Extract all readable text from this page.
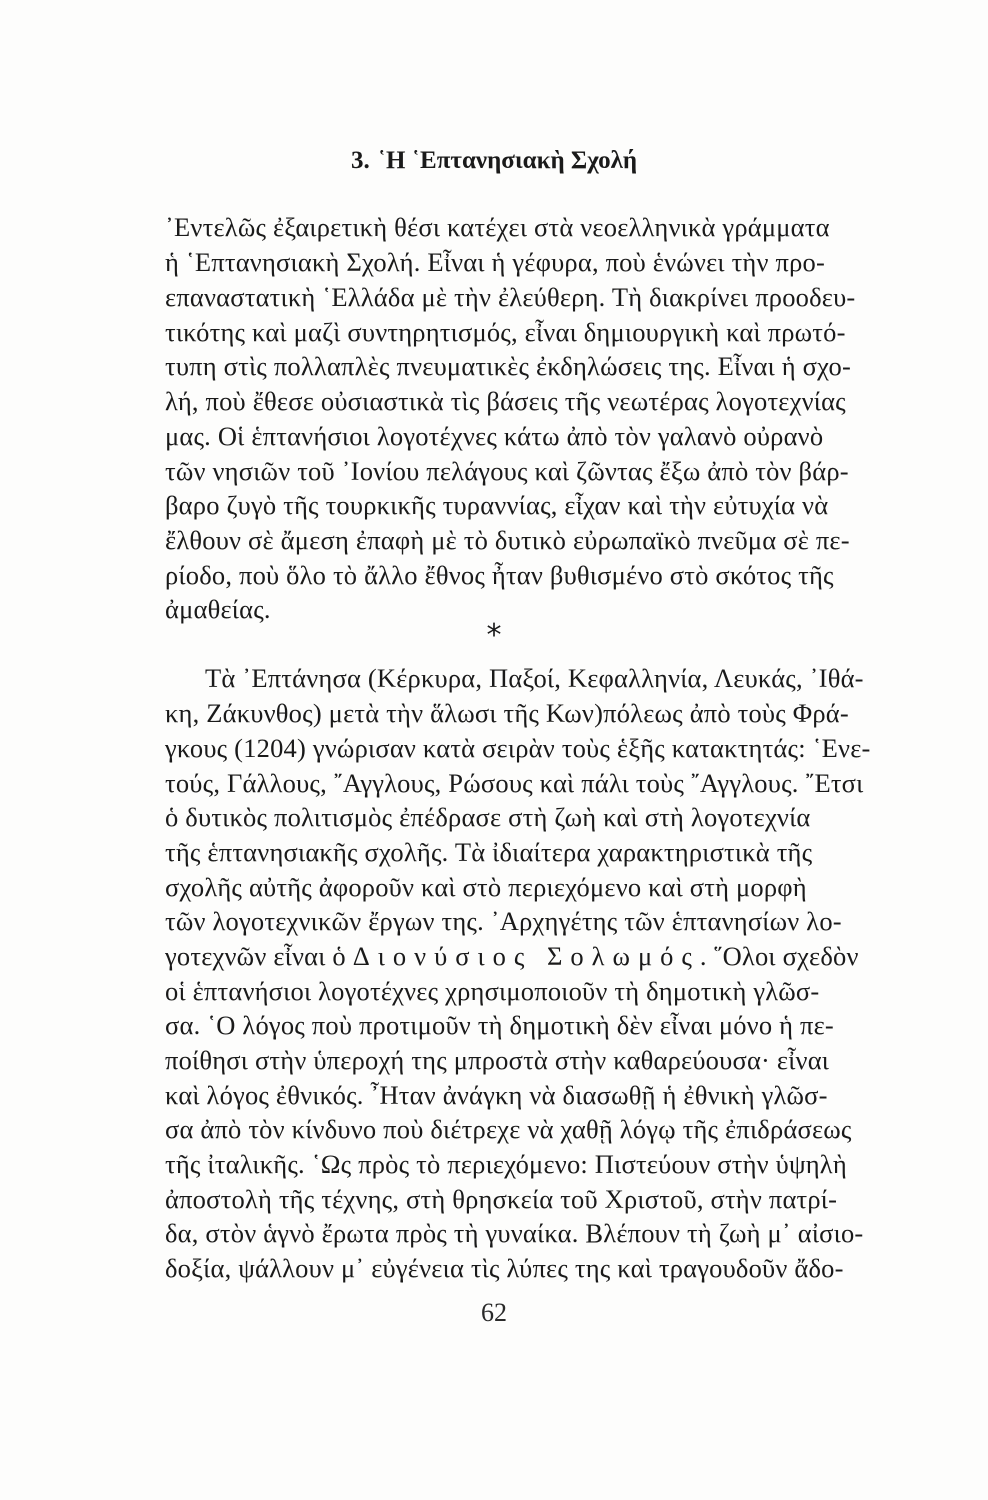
3. ῾Η ῾Επτανησιακὴ Σχολή
᾿Εντελῶς ἐξαιρετικὴ θέσι κατέχει στὰ νεοελληνικὰ γράμματα
ἡ ῾Επτανησιακὴ Σχολή. Εἶναι ἡ γέφυρα, ποὺ ἑνώνει τὴν προ-
επαναστατικὴ ῾Ελλάδα μὲ τὴν ἐλεύθερη. Τὴ διακρίνει προοδευ-
τικότης καὶ μαζὶ συντηρητισμός, εἶναι δημιουργικὴ καὶ πρωτό-
τυπη στὶς πολλαπλὲς πνευματικὲς ἐκδηλώσεις της. Εἶναι ἡ σχο-
λή, ποὺ ἔθεσε οὐσιαστικὰ τὶς βάσεις τῆς νεωτέρας λογοτεχνίας
μας. Οἱ ἑπτανήσιοι λογοτέχνες κάτω ἀπὸ τὸν γαλανὸ οὐρανὸ
τῶν νησιῶν τοῦ ᾿Ιονίου πελάγους καὶ ζῶντας ἔξω ἀπὸ τὸν βάρ-
βαρο ζυγὸ τῆς τουρκικῆς τυραννίας, εἶχαν καὶ τὴν εὐτυχία νὰ
ἔλθουν σὲ ἄμεση ἐπαφὴ μὲ τὸ δυτικὸ εὐρωπαϊκὸ πνεῦμα σὲ πε-
ρίοδο, ποὺ ὅλο τὸ ἄλλο ἔθνος ἦταν βυθισμένο στὸ σκότος τῆς
ἀμαθείας.
*
Τὰ ᾿Επτάνησα (Κέρκυρα, Παξοί, Κεφαλληνία, Λευκάς, ᾿Ιθά-
κη, Ζάκυνθος) μετὰ τὴν ἅλωσι τῆς Κων)πόλεως ἀπὸ τοὺς Φρά-
γκους (1204) γνώρισαν κατὰ σειρὰν τοὺς ἑξῆς κατακτητάς: ῾Ενε-
τούς, Γάλλους, ῎Αγγλους, Ρώσους καὶ πάλι τοὺς ῎Αγγλους. ῎Ετσι
ὁ δυτικὸς πολιτισμὸς ἐπέδρασε στὴ ζωὴ καὶ στὴ λογοτεχνία
τῆς ἑπτανησιακῆς σχολῆς. Τὰ ἰδιαίτερα χαρακτηριστικὰ τῆς
σχολῆς αὐτῆς ἀφοροῦν καὶ στὸ περιεχόμενο καὶ στὴ μορφὴ
τῶν λογοτεχνικῶν ἔργων της. ᾿Αρχηγέτης τῶν ἑπτανησίων λο-
γοτεχνῶν εἶναι ὁ Διονύσιος Σολωμός. ῞Ολοι σχεδὸν
οἱ ἑπτανήσιοι λογοτέχνες χρησιμοποιοῦν τὴ δημοτικὴ γλῶσ-
σα. ῾Ο λόγος ποὺ προτιμοῦν τὴ δημοτικὴ δὲν εἶναι μόνο ἡ πε-
ποίθησι στὴν ὑπεροχή της μπροστὰ στὴν καθαρεύουσα· εἶναι
καὶ λόγος ἐθνικός. ῏Ηταν ἀνάγκη νὰ διασωθῇ ἡ ἐθνικὴ γλῶσ-
σα ἀπὸ τὸν κίνδυνο ποὺ διέτρεχε νὰ χαθῇ λόγῳ τῆς ἐπιδράσεως
τῆς ἰταλικῆς. ῾Ως πρὸς τὸ περιεχόμενο: Πιστεύουν στὴν ὑψηλὴ
ἀποστολὴ τῆς τέχνης, στὴ θρησκεία τοῦ Χριστοῦ, στὴν πατρί-
δα, στὸν ἁγνὸ ἔρωτα πρὸς τὴ γυναίκα. Βλέπουν τὴ ζωὴ μ᾿ αἰσιο-
δοξία, ψάλλουν μ᾿ εὐγένεια τὶς λύπες της καὶ τραγουδοῦν ἄδο-
62
